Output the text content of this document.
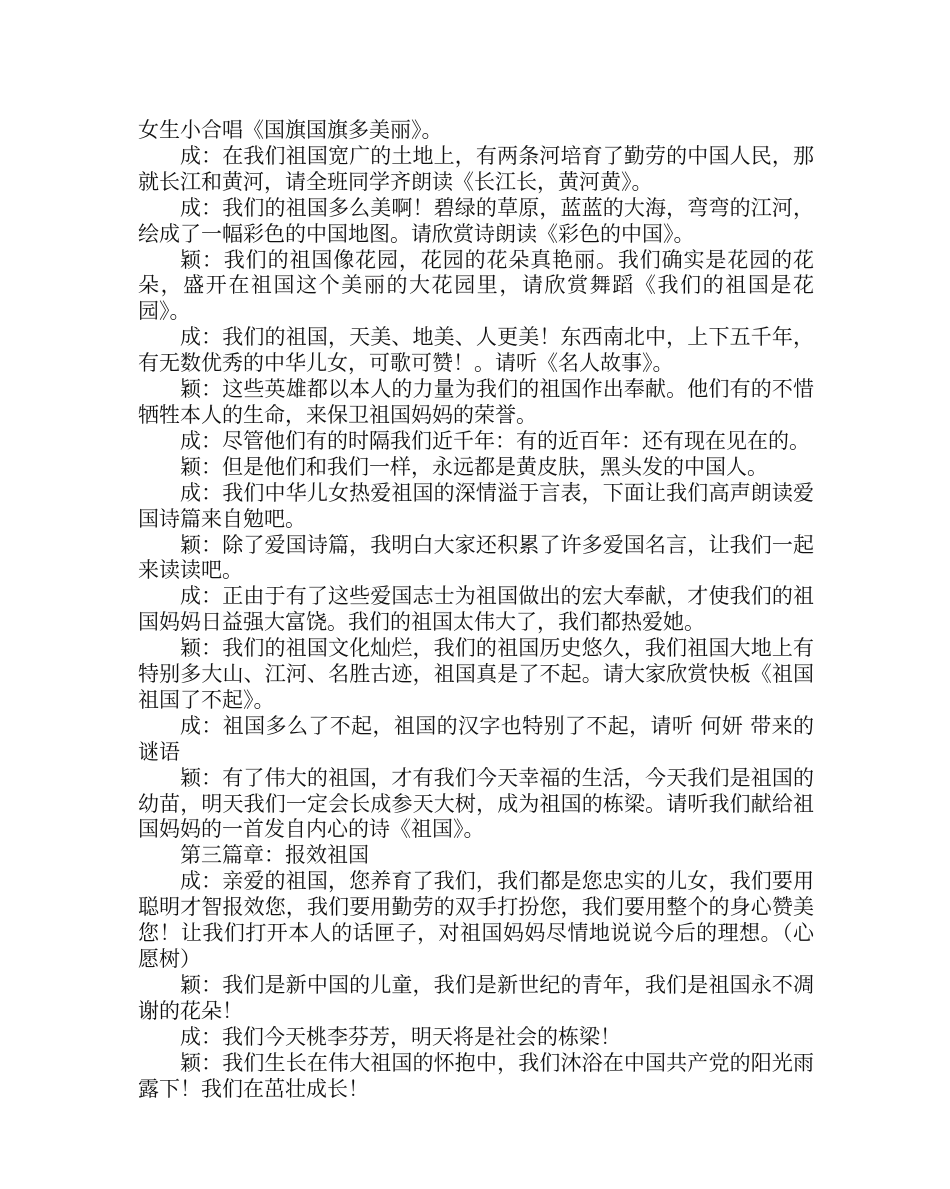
女生小合唱《国旗国旗多美丽》。

成：在我们祖国宽广的土地上，有两条河培育了勤劳的中国人民，那就长江和黄河，请全班同学齐朗读《长江长，黄河黄》。

成：我们的祖国多么美啊！碧绿的草原，蓝蓝的大海，弯弯的江河，绘成了一幅彩色的中国地图。请欣赏诗朗读《彩色的中国》。

颖：我们的祖国像花园，花园的花朵真艳丽。我们确实是花园的花朵，盛开在祖国这个美丽的大花园里，请欣赏舞蹈《我们的祖国是花园》。

成：我们的祖国，天美、地美、人更美！东西南北中，上下五千年，有无数优秀的中华儿女，可歌可赞！。请听《名人故事》。

颖：这些英雄都以本人的力量为我们的祖国作出奉献。他们有的不惜牺牲本人的生命，来保卫祖国妈妈的荣誉。

成：尽管他们有的时隔我们近千年：有的近百年：还有现在见在的。

颖：但是他们和我们一样，永远都是黄皮肤，黑头发的中国人。

成：我们中华儿女热爱祖国的深情溢于言表，下面让我们高声朗读爱国诗篇来自勉吧。

颖：除了爱国诗篇，我明白大家还积累了许多爱国名言，让我们一起来读读吧。

成：正由于有了这些爱国志士为祖国做出的宏大奉献，才使我们的祖国妈妈日益强大富饶。我们的祖国太伟大了，我们都热爱她。

颖：我们的祖国文化灿烂，我们的祖国历史悠久，我们祖国大地上有特别多大山、江河、名胜古迹，祖国真是了不起。请大家欣赏快板《祖国祖国了不起》。

成：祖国多么了不起，祖国的汉字也特别了不起，请听 何妍 带来的谜语

颖：有了伟大的祖国，才有我们今天幸福的生活，今天我们是祖国的幼苗，明天我们一定会长成参天大树，成为祖国的栋梁。请听我们献给祖国妈妈的一首发自内心的诗《祖国》。

第三篇章：报效祖国

成：亲爱的祖国，您养育了我们，我们都是您忠实的儿女，我们要用聪明才智报效您，我们要用勤劳的双手打扮您，我们要用整个的身心赞美您！让我们打开本人的话匣子，对祖国妈妈尽情地说说今后的理想。（心愿树）

颖：我们是新中国的儿童，我们是新世纪的青年，我们是祖国永不凋谢的花朵！

成：我们今天桃李芬芳，明天将是社会的栋梁！

颖：我们生长在伟大祖国的怀抱中，我们沐浴在中国共产党的阳光雨露下！我们在茁壮成长！
